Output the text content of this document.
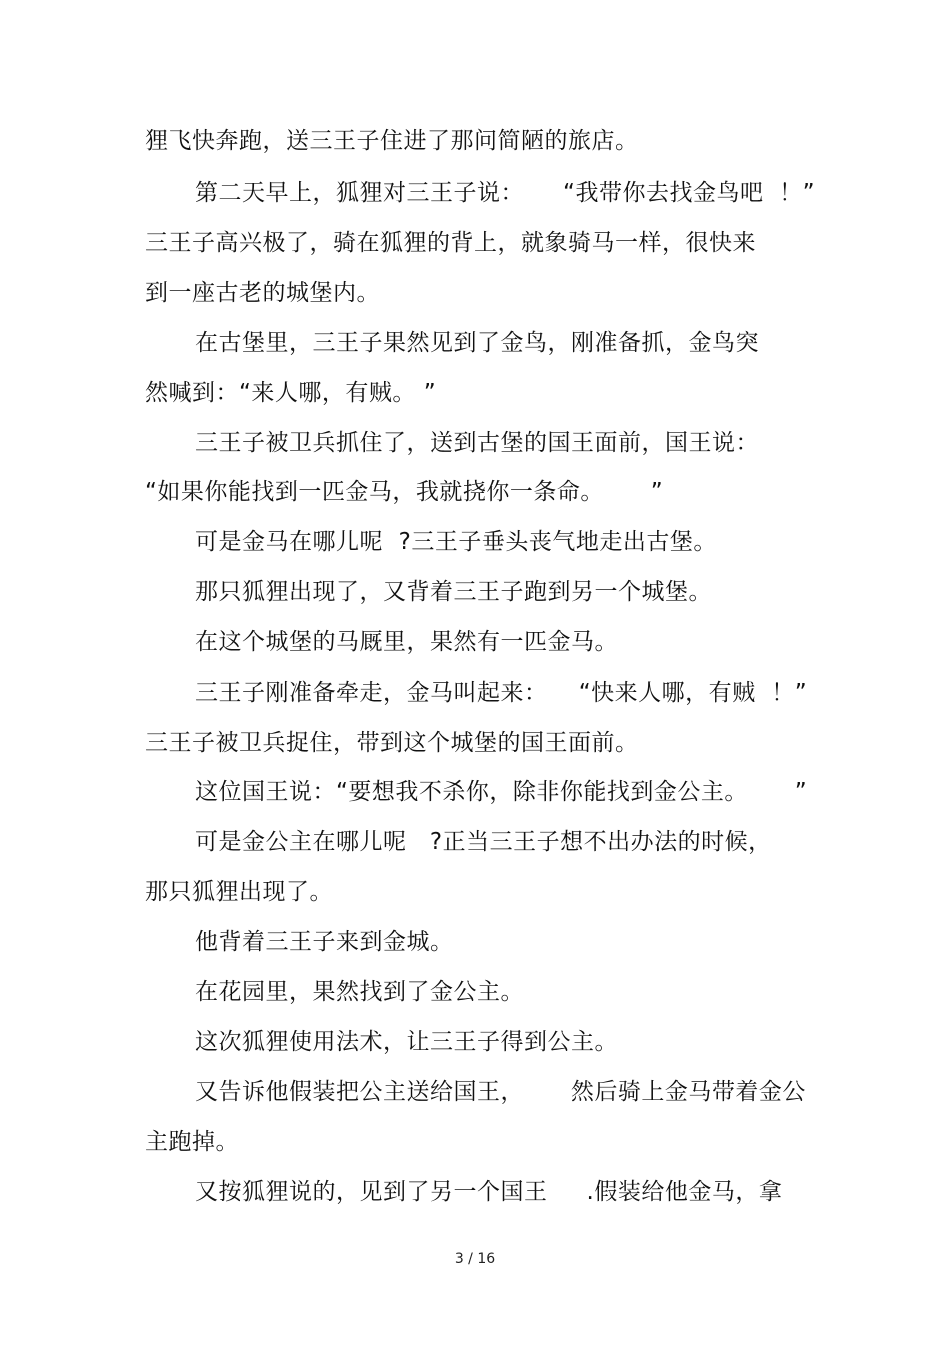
狸飞快奔跑，送三王子住进了那问简陋的旅店。
第二天早上，狐狸对三王子说：     “我带你去找金鸟吧  ！”
三王子高兴极了，骑在狐狸的背上，就象骑马一样，很快来
到一座古老的城堡内。
在古堡里，三王子果然见到了金鸟，刚准备抓，金鸟突
然喊到：“来人哪，有贼。 ”
三王子被卫兵抓住了，送到古堡的国王面前，国王说：
“如果你能找到一匹金马，我就挠你一条命。      ”
可是金马在哪儿呢  ?三王子垂头丧气地走出古堡。
那只狐狸出现了，又背着三王子跑到另一个城堡。
在这个城堡的马厩里，果然有一匹金马。
三王子刚准备牵走，金马叫起来：    “快来人哪，有贼  ！”
三王子被卫兵捉住，带到这个城堡的国王面前。
这位国王说：“要想我不杀你，除非你能找到金公主。      ”
可是金公主在哪儿呢   ?正当三王子想不出办法的时候，
那只狐狸出现了。
他背着三王子来到金城。
在花园里，果然找到了金公主。
这次狐狸使用法术，让三王子得到公主。
又告诉他假装把公主送给国王，      然后骑上金马带着金公
主跑掉。
又按狐狸说的，见到了另一个国王     .假装给他金马，拿
3 / 16
